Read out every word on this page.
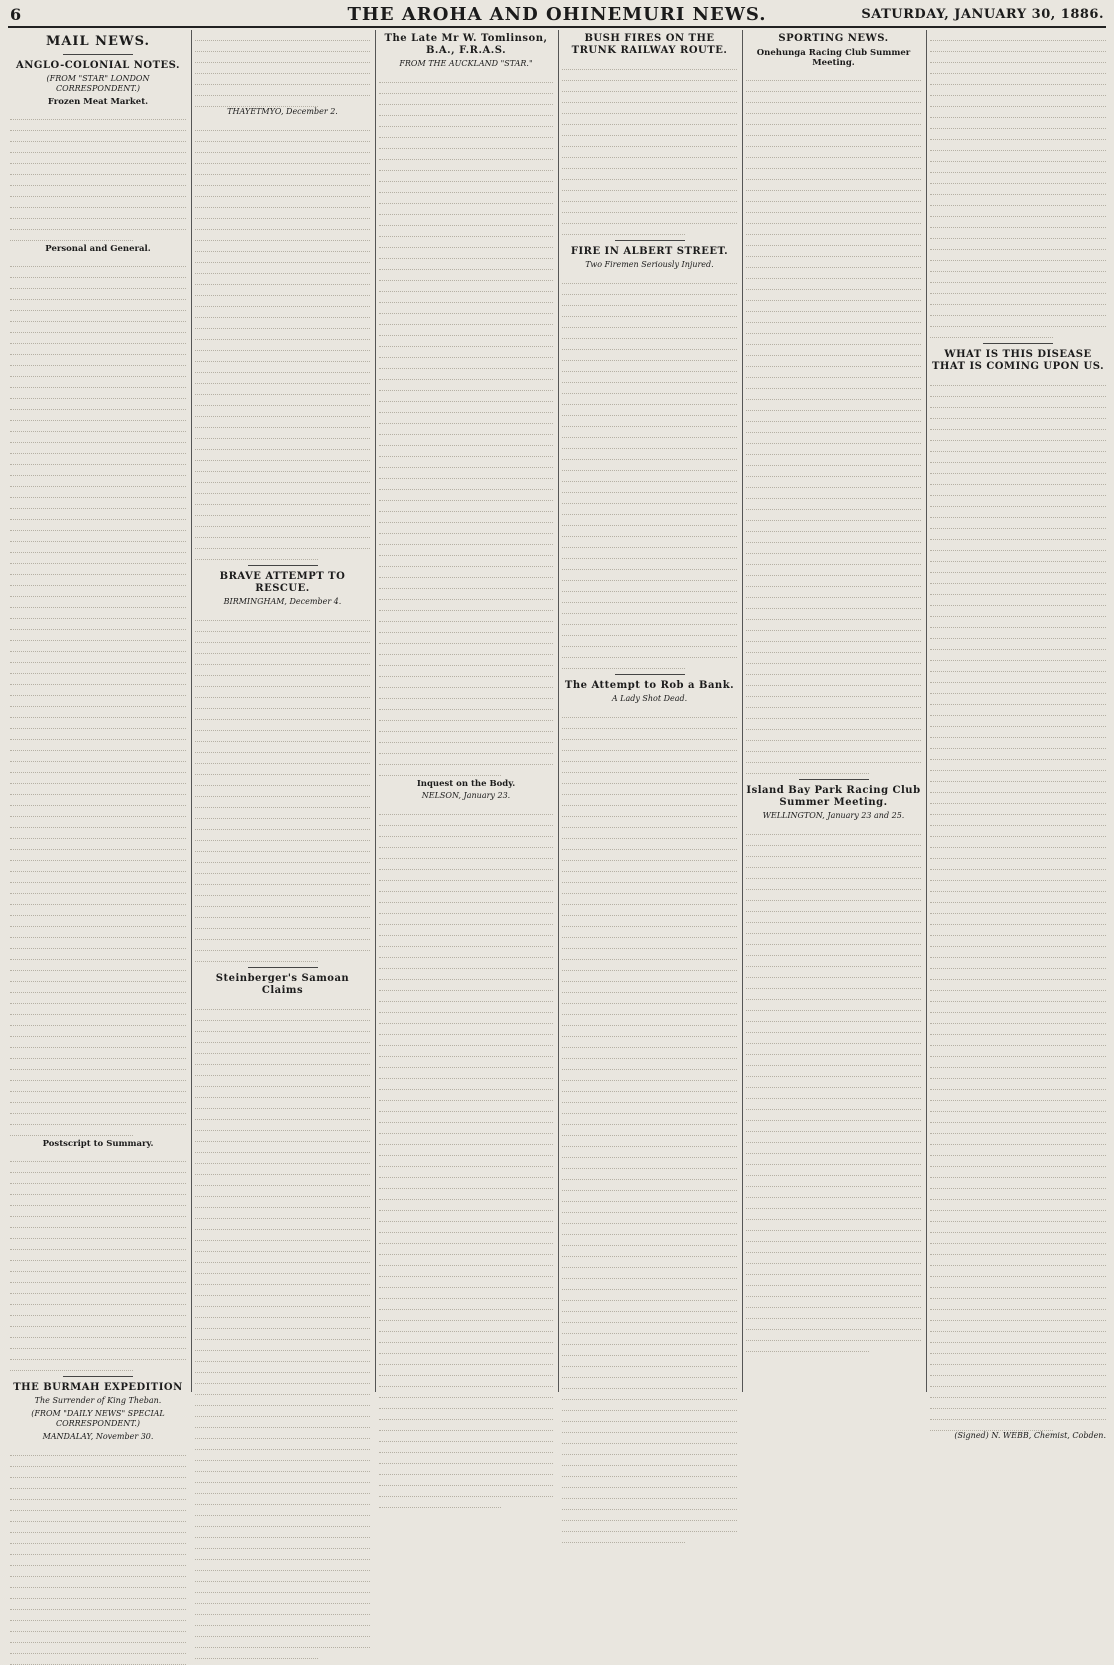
6	THE AROHA AND OHINEMURI NEWS.	SATURDAY, JANUARY 30, 1886.
MAIL NEWS.
ANGLO-COLONIAL NOTES.
(FROM "STAR" LONDON CORRESPONDENT.)
Frozen Meat Market.
Personal and General.
Postscript to Summary.
THE BURMAH EXPEDITION
The Surrender of King Theban.
(FROM "DAILY NEWS" SPECIAL CORRESPONDENT.)
MANDALAY, November 30.
THAYETMYO, December 2.
BRAVE ATTEMPT TO RESCUE.
BIRMINGHAM, December 4.
Steinberger's Samoan Claims
The Late Mr W. Tomlinson, B.A., F.R.A.S.
FROM THE AUCKLAND "STAR."
Inquest on the Body.
NELSON, January 23.
BUSH FIRES ON THE TRUNK RAILWAY ROUTE.
FIRE IN ALBERT STREET.
Two Firemen Seriously Injured.
The Attempt to Rob a Bank.
A Lady Shot Dead.
SPORTING NEWS.
Onehunga Racing Club Summer Meeting.
Island Bay Park Racing Club Summer Meeting.
WELLINGTON, January 23 and 25.
WHAT IS THIS DISEASE THAT IS COMING UPON US.
(Signed) N. WEBB, Chemist, Cobden.
